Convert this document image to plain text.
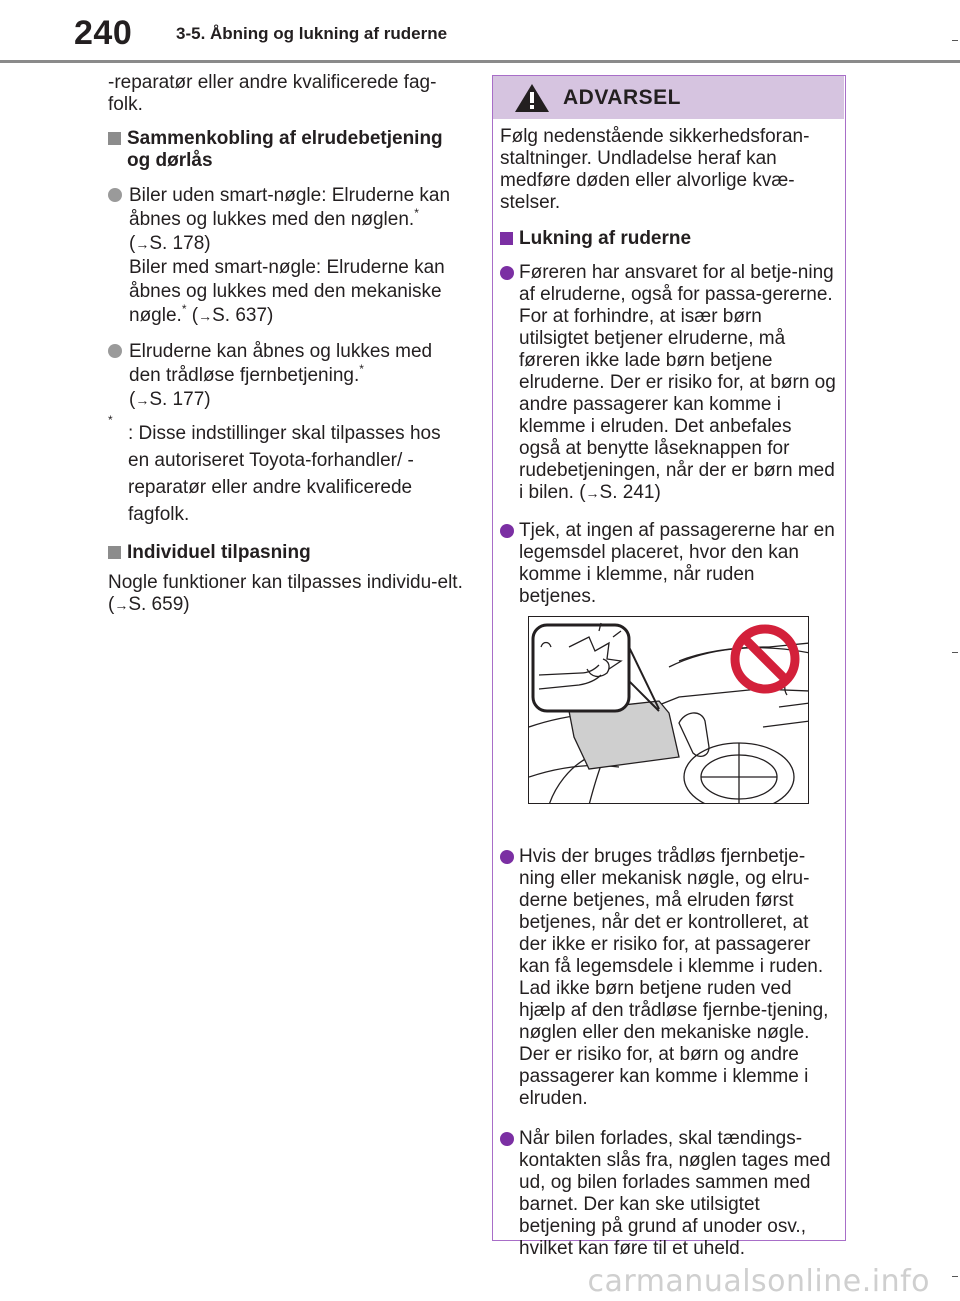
240	3-5. Åbning og lukning af ruderne

-reparatør eller andre kvalificerede fag-folk.

Sammenkobling af elrudebetjening og dørlås
Biler uden smart-nøgle: Elruderne kan åbnes og lukkes med den nøglen.*
(→S. 178)
Biler med smart-nøgle: Elruderne kan åbnes og lukkes med den mekaniske nøgle.* (→S. 637)
Elruderne kan åbnes og lukkes med den trådløse fjernbetjening.*
(→S. 177)
*
: Disse indstillinger skal tilpasses hos en autoriseret Toyota-forhandler/ -reparatør eller andre kvalificerede fagfolk.
Individuel tilpasning

Nogle funktioner kan tilpasses individu-elt. (→S. 659)

ADVARSEL

Følg nedenstående sikkerhedsforan-staltninger. Undladelse heraf kan medføre døden eller alvorlige kvæ-stelser.

Lukning af ruderne
Føreren har ansvaret for al betje-ning af elruderne, også for passa-gererne. For at forhindre, at især børn utilsigtet betjener elruderne, må føreren ikke lade børn betjene elruderne. Der er risiko for, at børn og andre passagerer kan komme i klemme i elruden. Det anbefales også at benytte låseknappen for rudebetjeningen, når der er børn med i bilen. (→S. 241)
Tjek, at ingen af passagererne har en legemsdel placeret, hvor den kan komme i klemme, når ruden betjenes.
Hvis der bruges trådløs fjernbetje-ning eller mekanisk nøgle, og elru-derne betjenes, må elruden først betjenes, når det er kontrolleret, at der ikke er risiko for, at passagerer kan få legemsdele i klemme i ruden. Lad ikke børn betjene ruden ved hjælp af den trådløse fjernbe-tjening, nøglen eller den mekaniske nøgle. Der er risiko for, at børn og andre passagerer kan komme i klemme i elruden.
Når bilen forlades, skal tændings-kontakten slås fra, nøglen tages med ud, og bilen forlades sammen med barnet. Der kan ske utilsigtet betjening på grund af unoder osv., hvilket kan føre til et uheld.
carmanualsonline.info
